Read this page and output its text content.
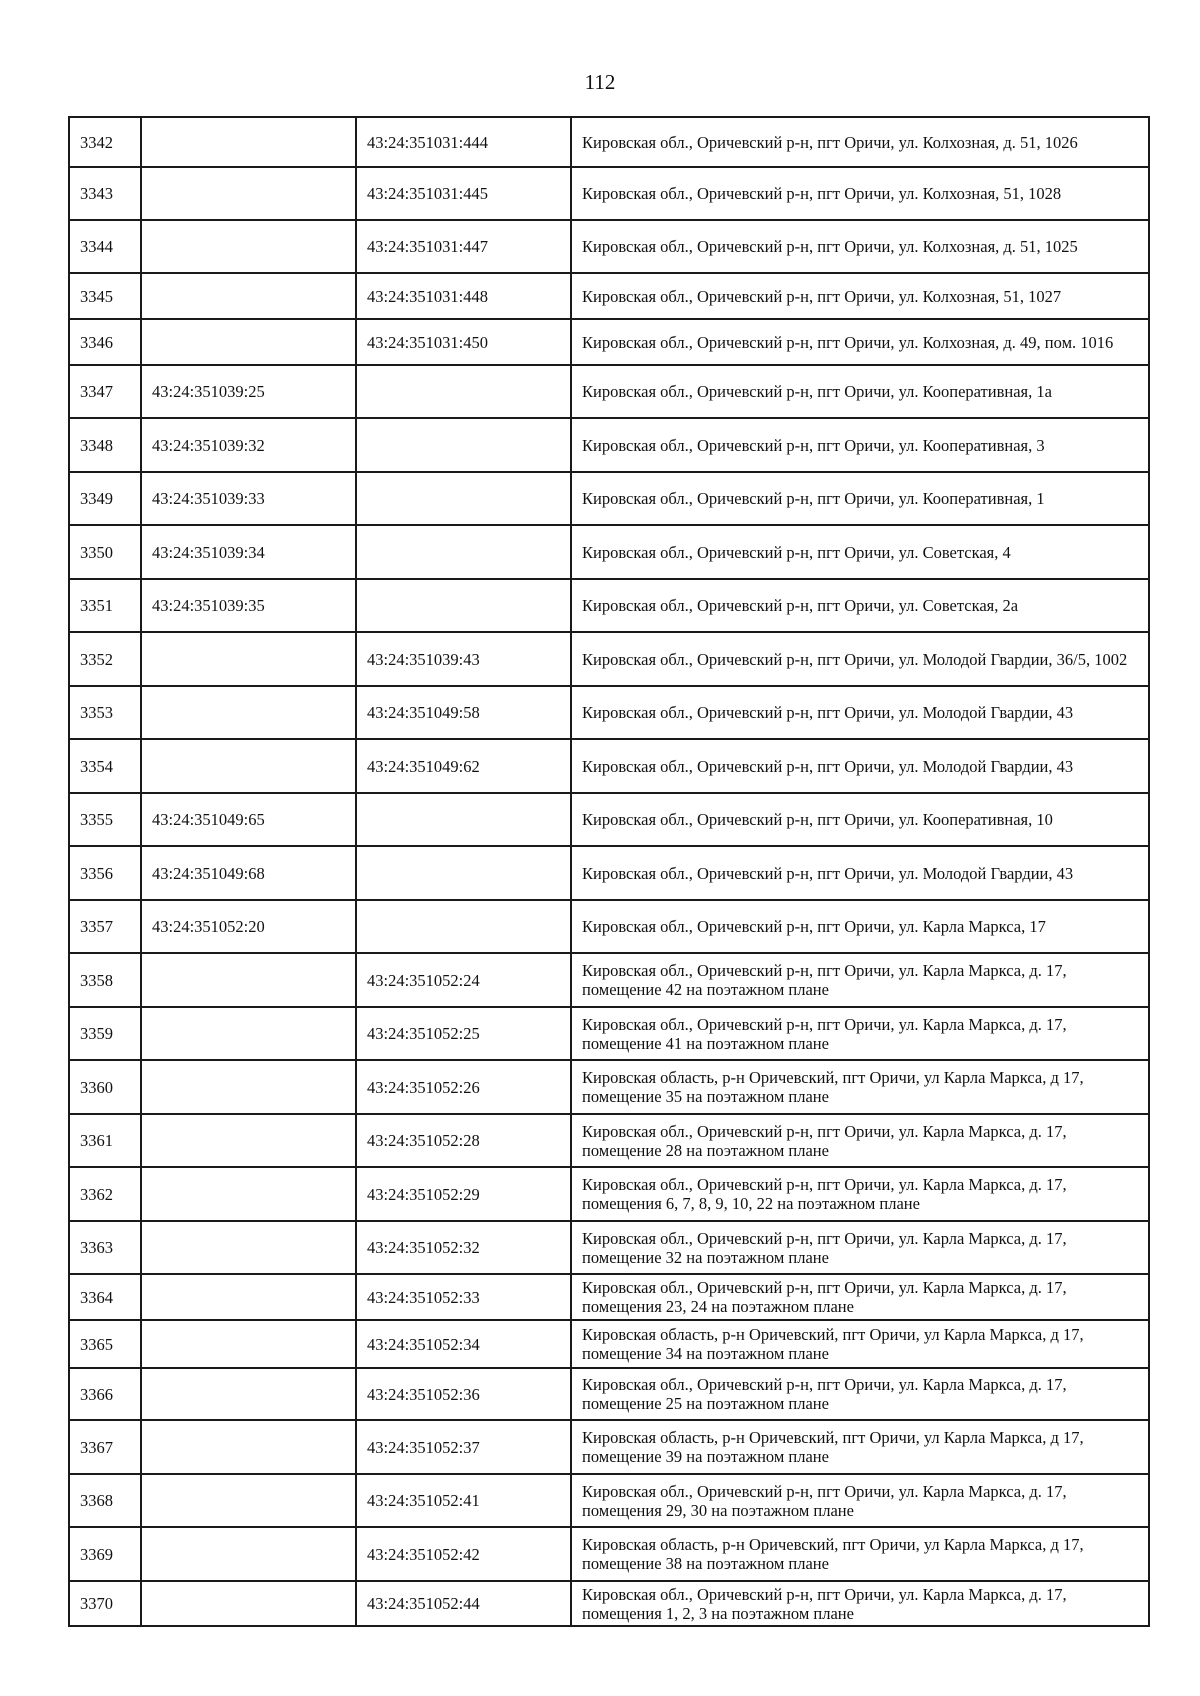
112
3342		43:24:351031:444	Кировская обл., Оричевский р-н, пгт Оричи, ул. Колхозная, д. 51, 1026
3343		43:24:351031:445	Кировская обл., Оричевский р-н, пгт Оричи, ул. Колхозная, 51, 1028
3344		43:24:351031:447	Кировская обл., Оричевский р-н, пгт Оричи, ул. Колхозная, д. 51, 1025
3345		43:24:351031:448	Кировская обл., Оричевский р-н, пгт Оричи, ул. Колхозная, 51, 1027
3346		43:24:351031:450	Кировская обл., Оричевский р-н, пгт Оричи, ул. Колхозная, д. 49, пом. 1016
3347	43:24:351039:25		Кировская обл., Оричевский р-н, пгт Оричи, ул. Кооперативная, 1а
3348	43:24:351039:32		Кировская обл., Оричевский р-н, пгт Оричи, ул. Кооперативная, 3
3349	43:24:351039:33		Кировская обл., Оричевский р-н, пгт Оричи, ул. Кооперативная, 1
3350	43:24:351039:34		Кировская обл., Оричевский р-н, пгт Оричи, ул. Советская, 4
3351	43:24:351039:35		Кировская обл., Оричевский р-н, пгт Оричи, ул. Советская, 2а
3352		43:24:351039:43	Кировская обл., Оричевский р-н, пгт Оричи, ул. Молодой Гвардии, 36/5, 1002
3353		43:24:351049:58	Кировская обл., Оричевский р-н, пгт Оричи, ул. Молодой Гвардии, 43
3354		43:24:351049:62	Кировская обл., Оричевский р-н, пгт Оричи, ул. Молодой Гвардии, 43
3355	43:24:351049:65		Кировская обл., Оричевский р-н, пгт Оричи, ул. Кооперативная, 10
3356	43:24:351049:68		Кировская обл., Оричевский р-н, пгт Оричи, ул. Молодой Гвардии, 43
3357	43:24:351052:20		Кировская обл., Оричевский р-н, пгт Оричи, ул. Карла Маркса, 17
3358		43:24:351052:24	Кировская обл., Оричевский р-н, пгт Оричи, ул. Карла Маркса, д. 17, помещение 42 на поэтажном плане
3359		43:24:351052:25	Кировская обл., Оричевский р-н, пгт Оричи, ул. Карла Маркса, д. 17, помещение 41 на поэтажном плане
3360		43:24:351052:26	Кировская область, р-н Оричевский, пгт Оричи, ул Карла Маркса, д 17, помещение 35 на поэтажном плане
3361		43:24:351052:28	Кировская обл., Оричевский р-н, пгт Оричи, ул. Карла Маркса, д. 17, помещение 28 на поэтажном плане
3362		43:24:351052:29	Кировская обл., Оричевский р-н, пгт Оричи, ул. Карла Маркса, д. 17, помещения 6, 7, 8, 9, 10, 22 на поэтажном плане
3363		43:24:351052:32	Кировская обл., Оричевский р-н, пгт Оричи, ул. Карла Маркса, д. 17, помещение 32 на поэтажном плане
3364		43:24:351052:33	Кировская обл., Оричевский р-н, пгт Оричи, ул. Карла Маркса, д. 17, помещения 23, 24 на поэтажном плане
3365		43:24:351052:34	Кировская область, р-н Оричевский, пгт Оричи, ул Карла Маркса, д 17, помещение 34 на поэтажном плане
3366		43:24:351052:36	Кировская обл., Оричевский р-н, пгт Оричи, ул. Карла Маркса, д. 17, помещение 25 на поэтажном плане
3367		43:24:351052:37	Кировская область, р-н Оричевский, пгт Оричи, ул Карла Маркса, д 17, помещение 39 на поэтажном плане
3368		43:24:351052:41	Кировская обл., Оричевский р-н, пгт Оричи, ул. Карла Маркса, д. 17, помещения 29, 30 на поэтажном плане
3369		43:24:351052:42	Кировская область, р-н Оричевский, пгт Оричи, ул Карла Маркса, д 17, помещение 38 на поэтажном плане
3370		43:24:351052:44	Кировская обл., Оричевский р-н, пгт Оричи, ул. Карла Маркса, д. 17, помещения 1, 2, 3 на поэтажном плане
